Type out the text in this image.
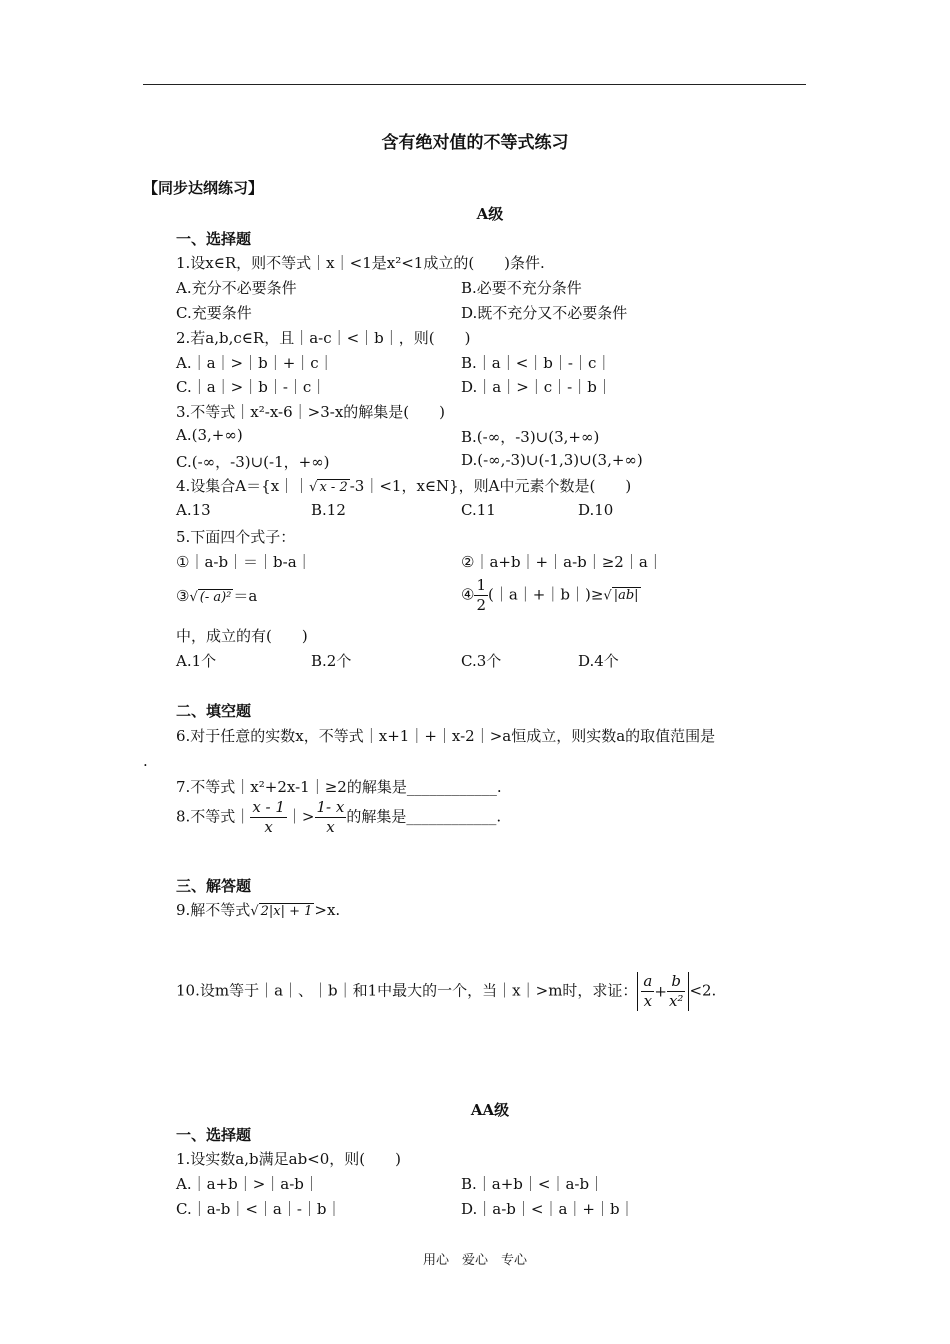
含有绝对值的不等式练习
【同步达纲练习】
A级
一、选择题
1.设x∈R，则不等式｜x｜<1是x²<1成立的(　　)条件.
A.充分不必要条件	B.必要不充分条件
C.充要条件	D.既不充分又不必要条件
2.若a,b,c∈R，且｜a-c｜<｜b｜，则(　　)
A.｜a｜>｜b｜+｜c｜	B.｜a｜<｜b｜-｜c｜
C.｜a｜>｜b｜-｜c｜	D.｜a｜>｜c｜-｜b｜
3.不等式｜x²-x-6｜>3-x的解集是(　　)
A.(3,+∞)	B.(-∞，-3)∪(3,+∞)
C.(-∞，-3)∪(-1，+∞)	D.(-∞,-3)∪(-1,3)∪(3,+∞)
4.设集合A＝{x｜｜√ x - 2 -3｜<1，x∈N}，则A中元素个数是(　　)
A.13	B.12	C.11	D.10
5.下面四个式子：
①｜a-b｜＝｜b-a｜	②｜a+b｜+｜a-b｜≥2｜a｜
③√ (- a)² ＝a	④ $\frac{1}{2}$ (｜a｜+｜b｜)≥√ |ab|
中，成立的有(　　)
A.1个	B.2个	C.3个	D.4个
二、填空题
6.对于任意的实数x，不等式｜x+1｜+｜x-2｜>a恒成立，则实数a的取值范围是
.
7.不等式｜x²+2x-1｜≥2的解集是____________.
8.不等式｜ $\frac{x - 1}{x}$ ｜> $\frac{1- x}{x}$ 的解集是____________.
三、解答题
9.解不等式√ 2|x| + 1 >x.
10.设m等于｜a｜、｜b｜和1中最大的一个，当｜x｜>m时，求证： $\frac{a}{x} + \frac{b}{\text{x²}} <2$.
AA级
一、选择题
1.设实数a,b满足ab<0，则(　　)
A.｜a+b｜>｜a-b｜	B.｜a+b｜<｜a-b｜
C.｜a-b｜<｜a｜-｜b｜	D.｜a-b｜<｜a｜+｜b｜
用心　爱心　专心
